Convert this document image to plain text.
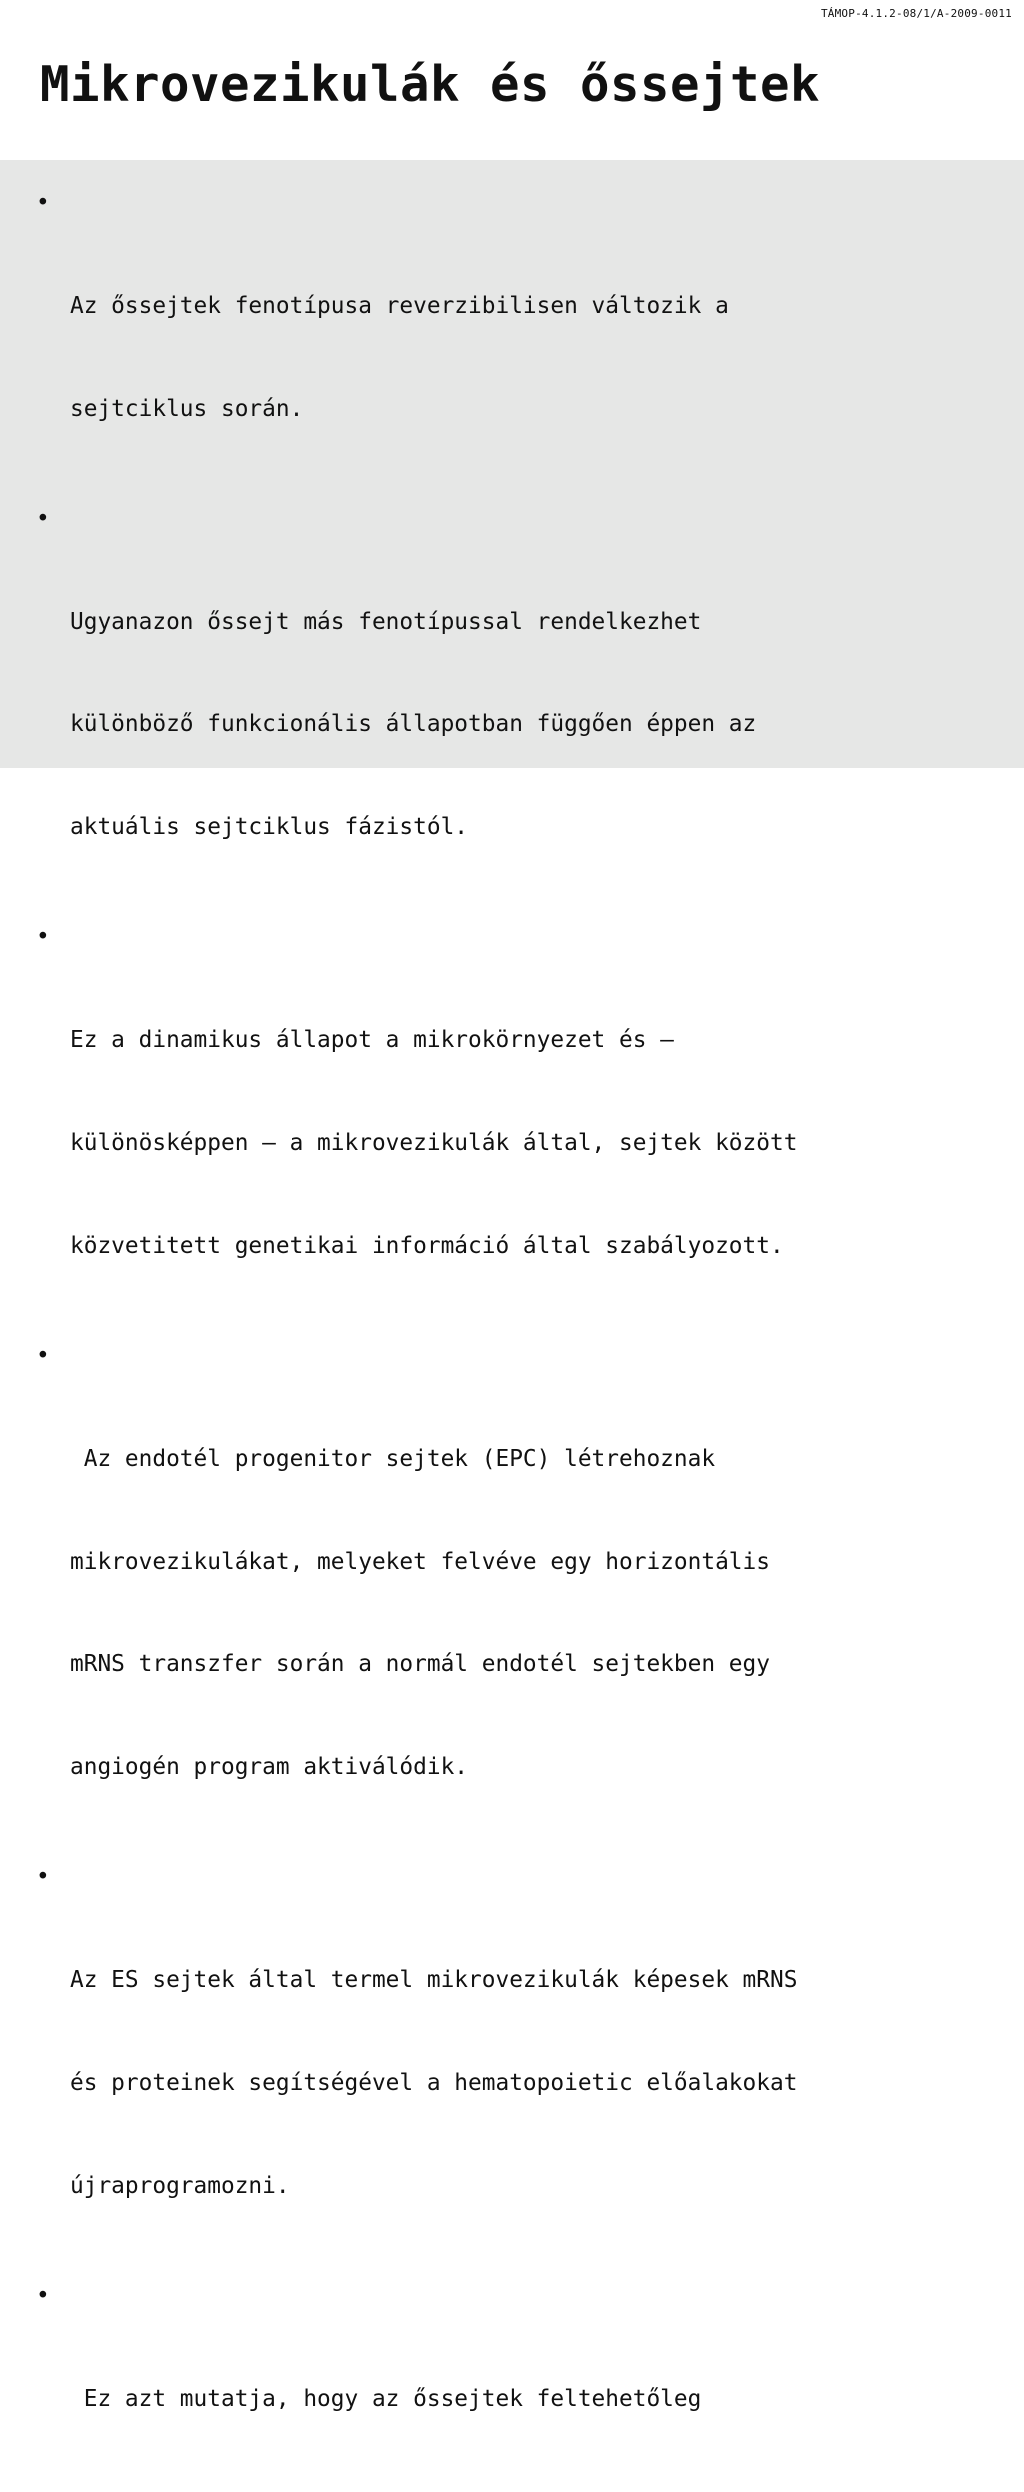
TÁMOP-4.1.2-08/1/A-2009-0011
Mikrovezikulák és őssejtek

•

Az őssejtek fenotípusa reverzibilisen változik a

sejtciklus során.

•

Ugyanazon őssejt más fenotípussal rendelkezhet

különböző funkcionális állapotban függően éppen az

aktuális sejtciklus fázistól.

•

Ez a dinamikus állapot a mikrokörnyezet és –

különösképpen – a mikrovezikulák által, sejtek között

közvetitett genetikai információ által szabályozott.

•

Az endotél progenitor sejtek (EPC) létrehoznak

mikrovezikulákat, melyeket felvéve egy horizontális

mRNS transzfer során a normál endotél sejtekben egy

angiogén program aktiválódik.

•

Az ES sejtek által termel mikrovezikulák képesek mRNS

és proteinek segítségével a hematopoietic előalakokat

újraprogramozni.

•

Ez azt mutatja, hogy az őssejtek feltehetőleg
